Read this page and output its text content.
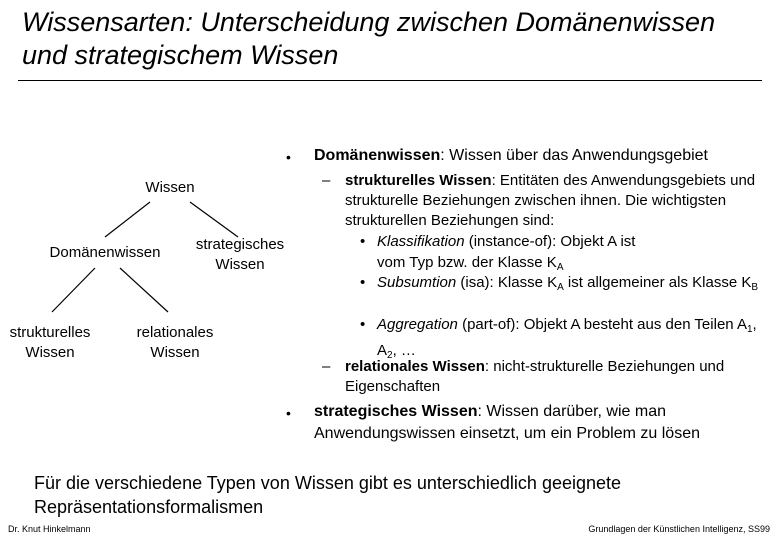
Wissensarten: Unterscheidung zwischen Domänenwissen und strategischem Wissen
Wissen
Domänenwissen	strategisches
Wissen
strukturelles
Wissen
relationales
Wissen
• Domänenwissen: Wissen über das Anwendungsgebiet
– strukturelles Wissen: Entitäten des Anwendungsgebiets und strukturelle Beziehungen zwischen ihnen. Die wichtigsten strukturellen Beziehungen sind:
• Klassifikation (instance-of): Objekt A ist vom Typ bzw. der Klasse $K_A$
• Subsumtion (isa): Klasse $K_A$ ist allgemeiner als Klasse $K_B$
• Aggregation (part-of): Objekt A besteht aus den Teilen $A_1$, $A_2$, …
– relationales Wissen: nicht-strukturelle Beziehungen und Eigenschaften
• strategisches Wissen: Wissen darüber, wie man Anwendungswissen einsetzt, um ein Problem zu lösen
Für die verschiedene Typen von Wissen gibt es unterschiedlich geeignete Repräsentationsformalismen
Dr. Knut Hinkelmann	Grundlagen der Künstlichen Intelligenz, SS99
